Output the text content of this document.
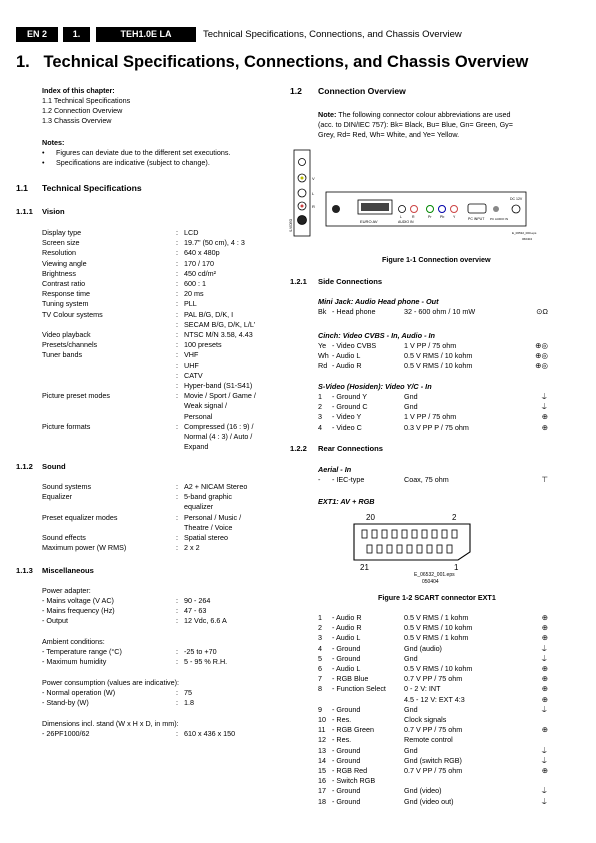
EN 2	1.	TEH1.0E LA	Technical Specifications, Connections, and Chassis Overview
1.   Technical Specifications, Connections, and Chassis Overview
Index of this chapter:
1.1 Technical Specifications
1.2 Connection Overview
1.3 Chassis Overview
Notes:
• Figures can deviate due to the different set executions.
• Specifications are indicative (subject to change).
1.1 Technical Specifications
1.1.1 Vision
Display type	: LCD
Screen size	: 19.7" (50 cm), 4 : 3
Resolution	: 640 x 480p
Viewing angle	: 170 / 170
Brightness	: 450 cd/m²
Contrast ratio	: 600 : 1
Response time	: 20 ms
Tuning system	: PLL
TV Colour systems	: PAL B/G, D/K, I
: SECAM B/G, D/K, L/L'
Video playback	: NTSC M/N 3.58, 4.43
Presets/channels	: 100 presets
Tuner bands	: VHF
: UHF
: CATV
: Hyper-band (S1-S41)
Picture preset modes	: Movie / Sport / Game /
Weak signal /
Personal
Picture formats	: Compressed (16 : 9) /
Normal (4 : 3) / Auto /
Expand
1.1.2 Sound
Sound systems	: A2 + NICAM Stereo
Equalizer	: 5-band graphic
equalizer
Preset equalizer modes	: Personal / Music /
Theatre / Voice
Sound effects	: Spatial stereo
Maximum power (W RMS)	: 2 x 2
1.1.3 Miscellaneous
Power adapter:
- Mains voltage (V AC)	: 90 - 264
- Mains frequency (Hz)	: 47 - 63
- Output	: 12 Vdc, 6.6 A
Ambient conditions:
- Temperature range (°C)	: -25 to +70
- Maximum humidity	: 5 - 95 % R.H.
Power consumption (values are indicative):
- Normal operation (W)	: 75
- Stand-by (W)	: 1.8
Dimensions incl. stand (W x H x D, in mm):
- 26PF1000/62	: 610 x 436 x 150
1.2 Connection Overview
Note: The following connector colour abbreviations are used
(acc. to DIN/IEC 757): Bk= Black, Bu= Blue, Gn= Green, Gy=
Grey, Rd= Red, Wh= White, and Ye= Yellow.
V
L
R
S-VIDEO	EURO AV	AUDIO IN
L	R	Pr Pb Y	PC INPUT PC AUDIO IN
DC 12V
E_06532_000.eps
060404
Figure 1-1 Connection overview
1.2.1 Side Connections
Mini Jack: Audio Head phone - Out
Bk - Head phone	32 - 600 ohm / 10 mW	⊙Ω
Cinch: Video CVBS - In, Audio - In
Ye - Video CVBS	1 V PP / 75 ohm	⊕◎
Wh - Audio L	0.5 V RMS / 10 kohm	⊕◎
Rd - Audio R	0.5 V RMS / 10 kohm	⊕◎
S-Video (Hosiden): Video Y/C - In
1 - Ground Y	Gnd	⏚
2 - Ground C	Gnd	⏚
3 - Video Y	1 V PP / 75 ohm	⊕
4 - Video C	0.3 V PP P / 75 ohm	⊕
1.2.2 Rear Connections
Aerial - In
- - IEC-type	Coax, 75 ohm	⊤
EXT1: AV + RGB
20	2
21	1
E_06532_001.eps
050404
Figure 1-2 SCART connector EXT1
1 - Audio R	0.5 V RMS / 1 kohm	⊕
2 - Audio R	0.5 V RMS / 10 kohm	⊕
3 - Audio L	0.5 V RMS / 1 kohm	⊕
4 - Ground	Gnd (audio)	⏚
5 - Ground	Gnd	⏚
6 - Audio L	0.5 V RMS / 10 kohm	⊕
7 - RGB Blue	0.7 V PP / 75 ohm	⊕
8 - Function Select	0 - 2 V: INT	⊕
4.5 - 12 V: EXT 4:3	⊕
9 - Ground	Gnd	⏚
10 - Res.	Clock signals
11 - RGB Green	0.7 V PP / 75 ohm	⊕
12 - Res.	Remote control
13 - Ground	Gnd	⏚
14 - Ground	Gnd (switch RGB)	⏚
15 - RGB Red	0.7 V PP / 75 ohm	⊕
16 - Switch RGB
17 - Ground	Gnd (video)	⏚
18 - Ground	Gnd (video out)	⏚
